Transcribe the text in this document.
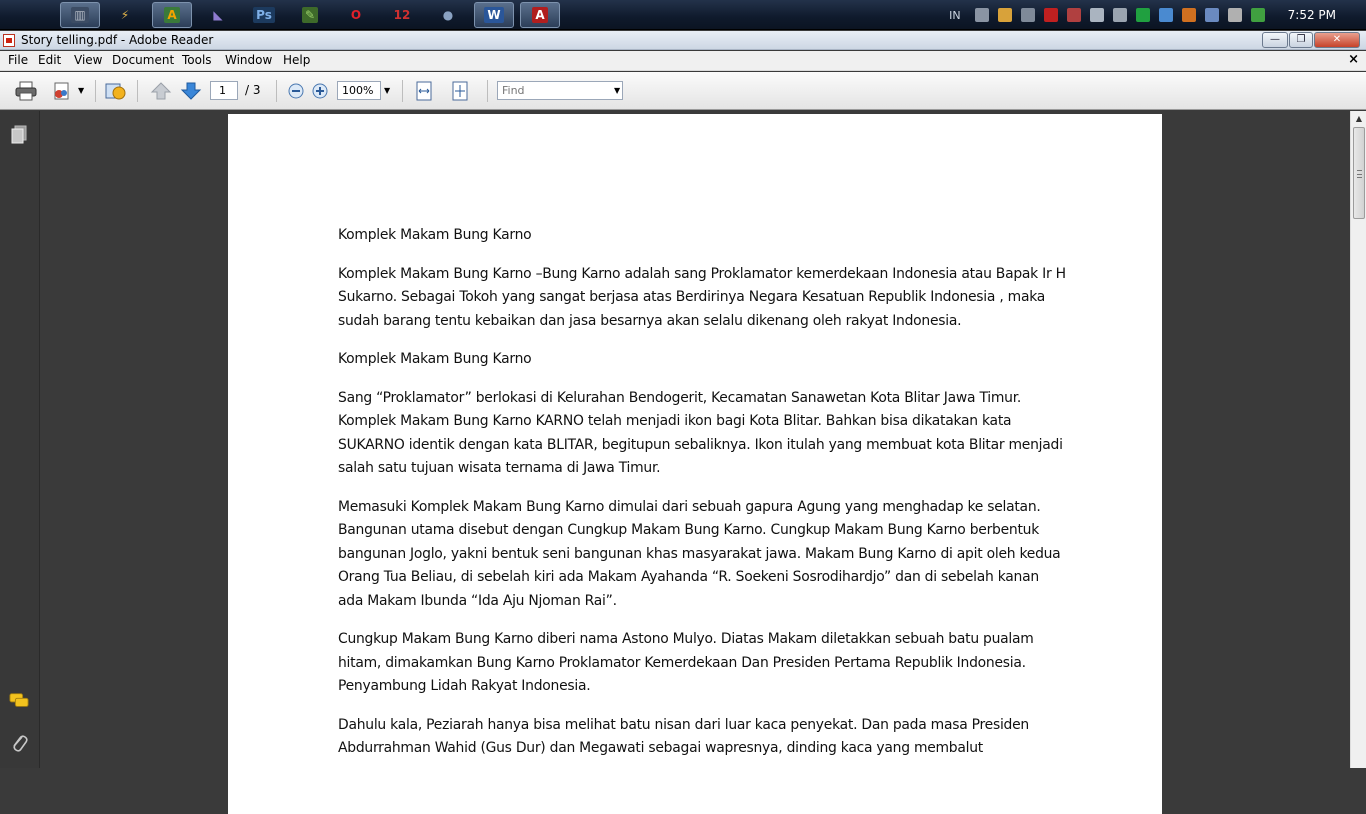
▥	⚡	A	◣	Ps	✎	O	12	●	W	A	IN	7:52 PM
Story telling.pdf - Adobe Reader	—	❐	✕
File Edit View Document Tools Window Help	×
▼	1	/ 3	100%	▼	Find	▼

Komplek Makam Bung Karno

Komplek Makam Bung Karno –Bung Karno adalah sang Proklamator kemerdekaan Indonesia atau Bapak Ir H Sukarno. Sebagai Tokoh yang sangat berjasa atas Berdirinya Negara Kesatuan Republik Indonesia , maka sudah barang tentu kebaikan dan jasa besarnya akan selalu dikenang oleh rakyat Indonesia.

Komplek Makam Bung Karno

Sang “Proklamator” berlokasi di Kelurahan Bendogerit, Kecamatan Sanawetan Kota Blitar Jawa Timur. Komplek Makam Bung Karno KARNO telah menjadi ikon bagi Kota Blitar. Bahkan bisa dikatakan kata SUKARNO identik dengan kata BLITAR, begitupun sebaliknya. Ikon itulah yang membuat kota Blitar menjadi salah satu tujuan wisata ternama di Jawa Timur.

Memasuki Komplek Makam Bung Karno dimulai dari sebuah gapura Agung yang menghadap ke selatan. Bangunan utama disebut dengan Cungkup Makam Bung Karno. Cungkup Makam Bung Karno berbentuk bangunan Joglo, yakni bentuk seni bangunan khas masyarakat jawa. Makam Bung Karno di apit oleh kedua Orang Tua Beliau, di sebelah kiri ada Makam Ayahanda “R. Soekeni Sosrodihardjo” dan di sebelah kanan ada Makam Ibunda “Ida Aju Njoman Rai”.

Cungkup Makam Bung Karno diberi nama Astono Mulyo. Diatas Makam diletakkan sebuah batu pualam hitam, dimakamkan Bung Karno Proklamator Kemerdekaan Dan Presiden Pertama Republik Indonesia. Penyambung Lidah Rakyat Indonesia.

Dahulu kala, Peziarah hanya bisa melihat batu nisan dari luar kaca penyekat. Dan pada masa Presiden Abdurrahman Wahid (Gus Dur) dan Megawati sebagai wapresnya, dinding kaca yang membalut

▲
